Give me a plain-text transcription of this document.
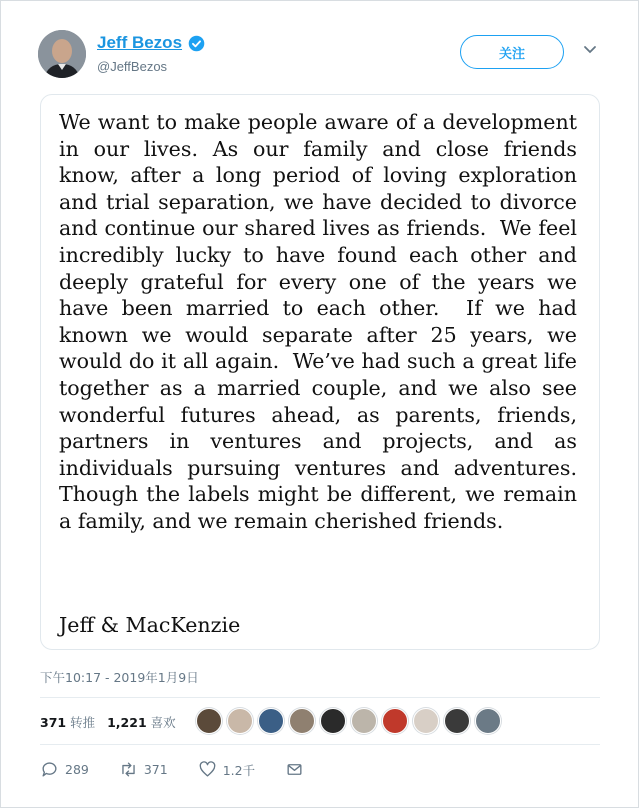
Jeff Bezos
@JeffBezos
关注

We want to make people aware of a development in our lives. As our family and close friends know, after a long period of loving exploration and trial separation, we have decided to divorce and continue our shared lives as friends.  We feel incredibly lucky to have found each other and deeply grateful for every one of the years we have been married to each other.  If we had known we would separate after 25 years, we would do it all again.  We’ve had such a great life together as a married couple, and we also see wonderful futures ahead, as parents, friends, partners in ventures and projects, and as individuals pursuing ventures and adventures.  Though the labels might be different, we remain a family, and we remain cherished friends.

Jeff & MacKenzie

下午10:17 - 2019年1月9日
371 转推 1,221 喜欢
289	371	1.2千
